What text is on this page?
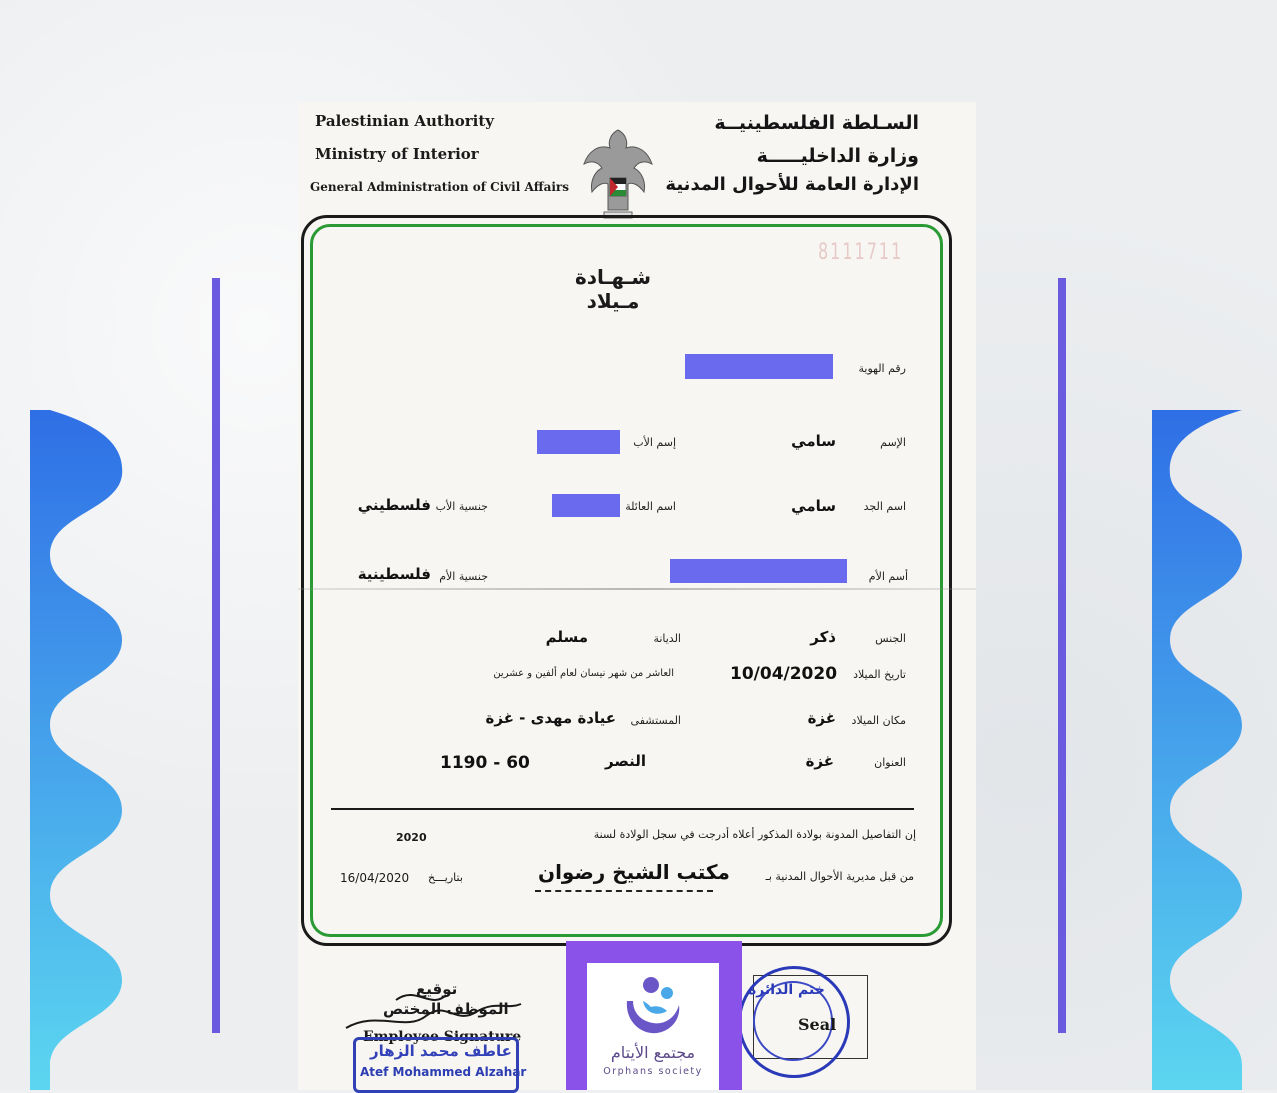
Palestinian Authority
Ministry of Interior
General Administration of Civil Affairs
السـلطة الفلسطينيــة
وزارة الداخليـــــة
الإدارة العامة للأحوال المدنية
8111711
شـهـادة مـيلاد
رقم الهوية
الإسم
سامي
إسم الأب
اسم الجد
سامي
اسم العائلة
جنسية الأب
فلسطيني
أسم الأم
جنسية الأم
فلسطينية
الجنس
ذكر
الديانة
مسلم
تاريخ الميلاد
10/04/2020
العاشر من شهر نيسان لعام ألفين و عشرين
مكان الميلاد
غزة
المستشفى
عيادة مهدى - غزة
العنوان
غزة
النصر
1190 - 60
إن التفاصيل المدونة بولادة المذكور أعلاه أدرجت في سجل الولادة لسنة
2020
من قبل مديرية الأحوال المدنية بـ
مكتب الشيخ رضوان
بتاريـــخ
16/04/2020
توقيع
الموظف المختص
Employee Signature
عاطف محمد الزهار
Atef Mohammed Alzahar
ختم الدائرة
Seal
مجتمع الأيتام
Orphans society
